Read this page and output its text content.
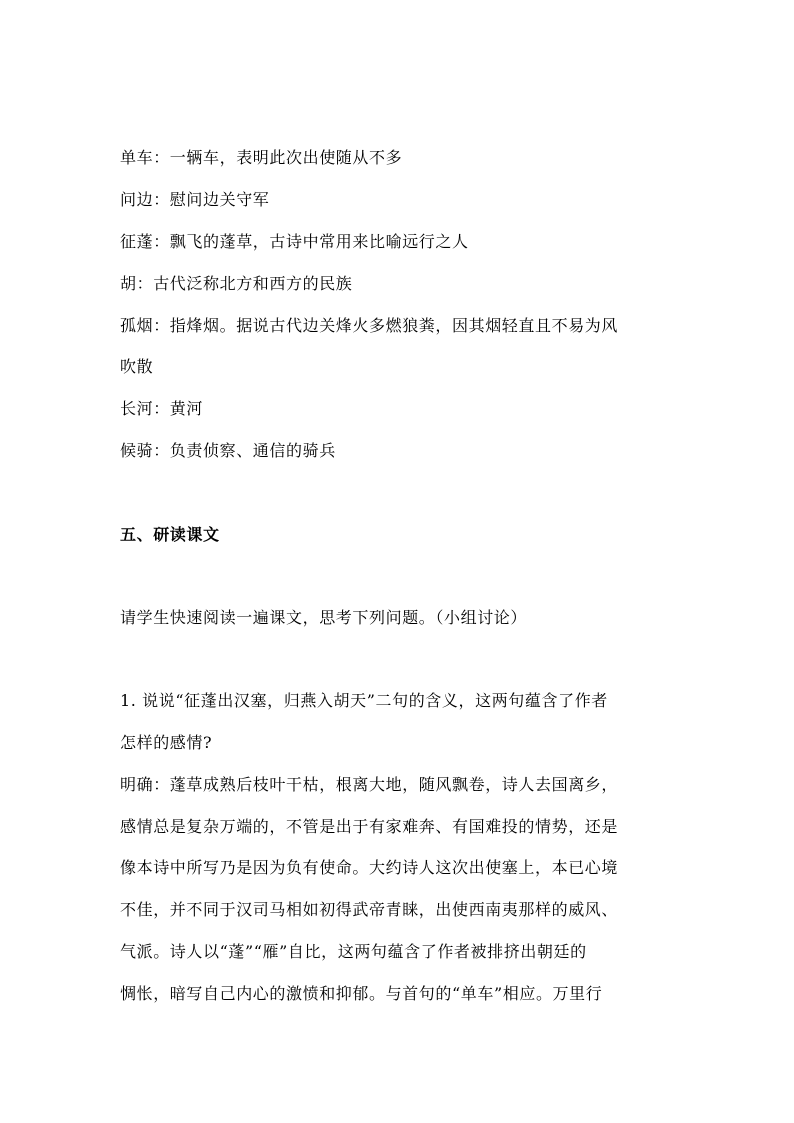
单车：一辆车，表明此次出使随从不多
问边：慰问边关守军
征蓬：飘飞的蓬草，古诗中常用来比喻远行之人
胡：古代泛称北方和西方的民族
孤烟：指烽烟。据说古代边关烽火多燃狼粪，因其烟轻直且不易为风
吹散
长河：黄河
候骑：负责侦察、通信的骑兵
五、研读课文
请学生快速阅读一遍课文，思考下列问题。（小组讨论）
1. 说说“征蓬出汉塞，归燕入胡天”二句的含义，这两句蕴含了作者
怎样的感情?
明确：蓬草成熟后枝叶干枯，根离大地，随风飘卷，诗人去国离乡，
感情总是复杂万端的，不管是出于有家难奔、有国难投的情势，还是
像本诗中所写乃是因为负有使命。大约诗人这次出使塞上，本已心境
不佳，并不同于汉司马相如初得武帝青睐，出使西南夷那样的威风、
气派。诗人以“蓬”“雁”自比，这两句蕴含了作者被排挤出朝廷的
惆怅，暗写自己内心的激愤和抑郁。与首句的“单车”相应。万里行
